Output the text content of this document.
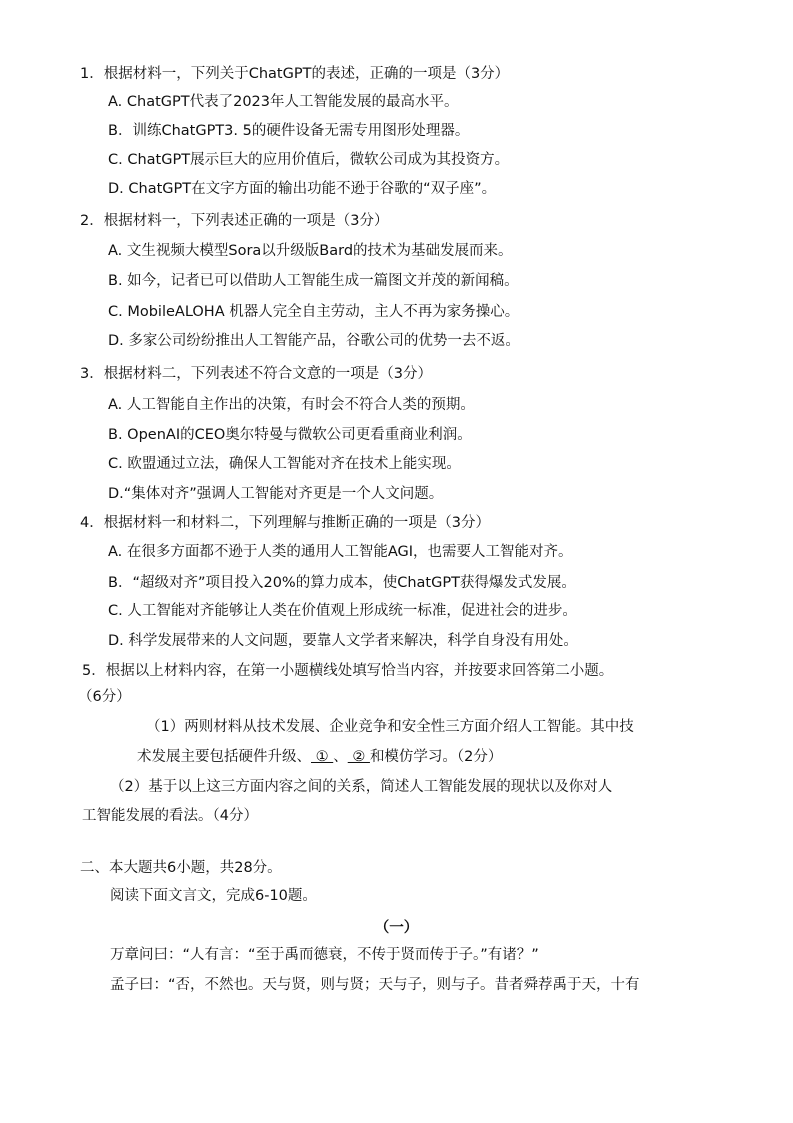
1．根据材料一，下列关于ChatGPT的表述，正确的一项是（3分）
A. ChatGPT代表了2023年人工智能发展的最高水平。
B．训练ChatGPT3. 5的硬件设备无需专用图形处理器。
C. ChatGPT展示巨大的应用价值后，微软公司成为其投资方。
D. ChatGPT在文字方面的输出功能不逊于谷歌的“双子座”。
2．根据材料一，下列表述正确的一项是（3分）
A. 文生视频大模型Sora以升级版Bard的技术为基础发展而来。
B. 如今，记者已可以借助人工智能生成一篇图文并茂的新闻稿。
C. MobileALOHA 机器人完全自主劳动，主人不再为家务操心。
D. 多家公司纷纷推出人工智能产品，谷歌公司的优势一去不返。
3．根据材料二，下列表述不符合文意的一项是（3分）
A. 人工智能自主作出的决策，有时会不符合人类的预期。
B. OpenAI的CEO奥尔特曼与微软公司更看重商业利润。
C. 欧盟通过立法，确保人工智能对齐在技术上能实现。
D.“集体对齐”强调人工智能对齐更是一个人文问题。
4．根据材料一和材料二，下列理解与推断正确的一项是（3分）
A. 在很多方面都不逊于人类的通用人工智能AGI，也需要人工智能对齐。
B．“超级对齐”项目投入20%的算力成本，使ChatGPT获得爆发式发展。
C. 人工智能对齐能够让人类在价值观上形成统一标准，促进社会的进步。
D. 科学发展带来的人文问题，要靠人文学者来解决，科学自身没有用处。
5．根据以上材料内容，在第一小题横线处填写恰当内容，并按要求回答第二小题。
（6分）
（1）两则材料从技术发展、企业竞争和安全性三方面介绍人工智能。其中技
术发展主要包括硬件升级、 ① 、 ② 和模仿学习。（2分）
（2）基于以上这三方面内容之间的关系，简述人工智能发展的现状以及你对人
工智能发展的看法。（4分）
二、本大题共6小题，共28分。
阅读下面文言文，完成6-10题。
（一）
万章问曰：“人有言：“至于禹而德衰，不传于贤而传于子。”有诸？”
孟子曰：“否，不然也。天与贤，则与贤；天与子，则与子。昔者舜荐禹于天，十有
